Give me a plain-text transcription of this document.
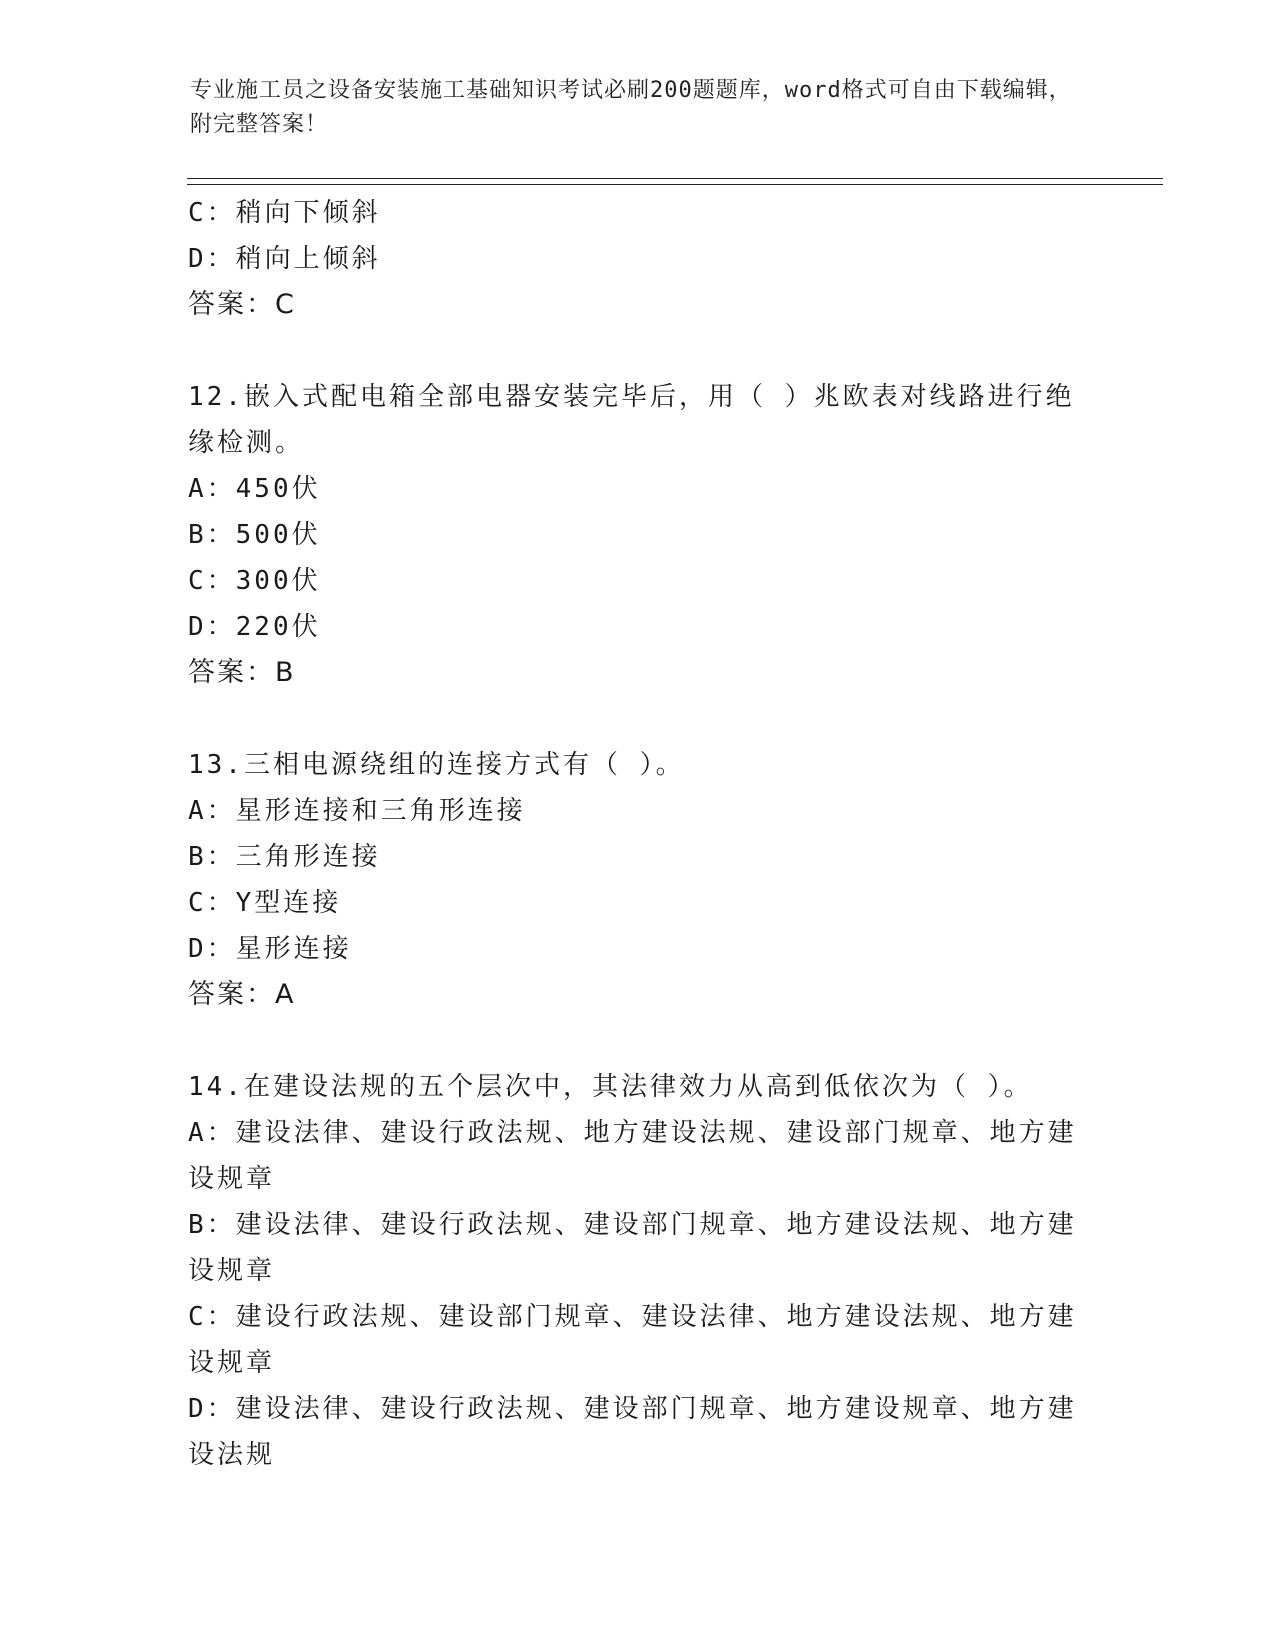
专业施工员之设备安装施工基础知识考试必刷200题题库，word格式可自由下载编辑，附完整答案！
C：稍向下倾斜
D：稍向上倾斜
答案：C
12.嵌入式配电箱全部电器安装完毕后，用（ ）兆欧表对线路进行绝缘检测。
A：450伏
B：500伏
C：300伏
D：220伏
答案：B
13.三相电源绕组的连接方式有（ ）。
A：星形连接和三角形连接
B：三角形连接
C：Y型连接
D：星形连接
答案：A
14.在建设法规的五个层次中，其法律效力从高到低依次为（ ）。
A：建设法律、建设行政法规、地方建设法规、建设部门规章、地方建设规章
B：建设法律、建设行政法规、建设部门规章、地方建设法规、地方建设规章
C：建设行政法规、建设部门规章、建设法律、地方建设法规、地方建设规章
D：建设法律、建设行政法规、建设部门规章、地方建设规章、地方建设法规
